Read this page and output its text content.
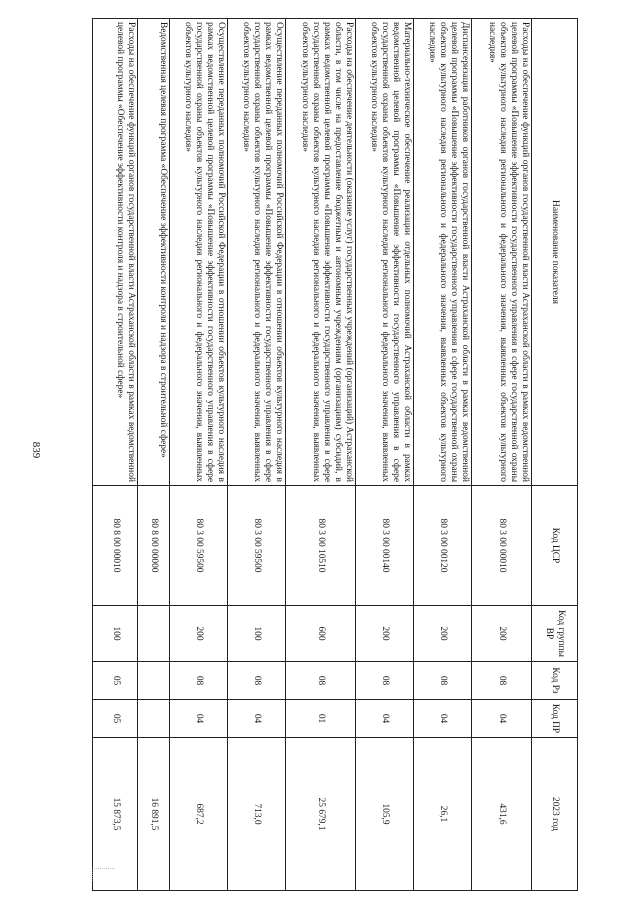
839
Наименование показателя	Код ЦСР	Код группы ВР	Код Рз	Код ПР	2023 год
Расходы на обеспечение функций органов государственной власти Астраханской области в рамках ведомственной целевой программы «Повышение эффективности государственного управления в сфере государственной охраны объектов культурного наследия регионального и федерального значения, выявленных объектов культурного наследия»	80 3 00 00010	200	08	04	431,6
Диспансеризация работников органов государственной власти Астраханской области в рамках ведомственной целевой программы «Повышение эффективности государственного управления в сфере государственной охраны объектов культурного наследия регионального и федерального значения, выявленных объектов культурного наследия»	80 3 00 00120	200	08	04	26,1
Материально-техническое обеспечение реализации отдельных полномочий Астраханской области в рамках ведомственной целевой программы «Повышение эффективности государственного управления в сфере государственной охраны объектов культурного наследия регионального и федерального значения, выявленных объектов культурного наследия»	80 3 00 00140	200	08	04	105,9
Расходы на обеспечение деятельности (оказание услуг) государственных учреждений (организаций) Астраханской области, в том числе на предоставление бюджетным и автономным учреждениям (организациям) субсидий, в рамках ведомственной целевой программы «Повышение эффективности государственного управления в сфере государственной охраны объектов культурного наследия регионального и федерального значения, выявленных объектов культурного наследия»	80 3 00 10510	600	08	01	25 679,1
Осуществление переданных полномочий Российской Федерации в отношении объектов культурного наследия в рамках ведомственной целевой программы «Повышение эффективности государственного управления в сфере государственной охраны объектов культурного наследия регионального и федерального значения, выявленных объектов культурного наследия»	80 3 00 59500	100	08	04	713,0
Осуществление переданных полномочий Российской Федерации в отношении объектов культурного наследия в рамках ведомственной целевой программы «Повышение эффективности государственного управления в сфере государственной охраны объектов культурного наследия регионального и федерального значения, выявленных объектов культурного наследия»	80 3 00 59500	200	08	04	687,2
Ведомственная целевая программа «Обеспечение эффективности контроля и надзора в строительной сфере»	80 8 00 00000				16 891,5
Расходы на обеспечение функций органов государственной власти Астраханской области в рамках ведомственной целевой программы «Обеспечение эффективности контроля и надзора в строительной сфере»	80 8 00 00010	100	05	05	15 873,5
